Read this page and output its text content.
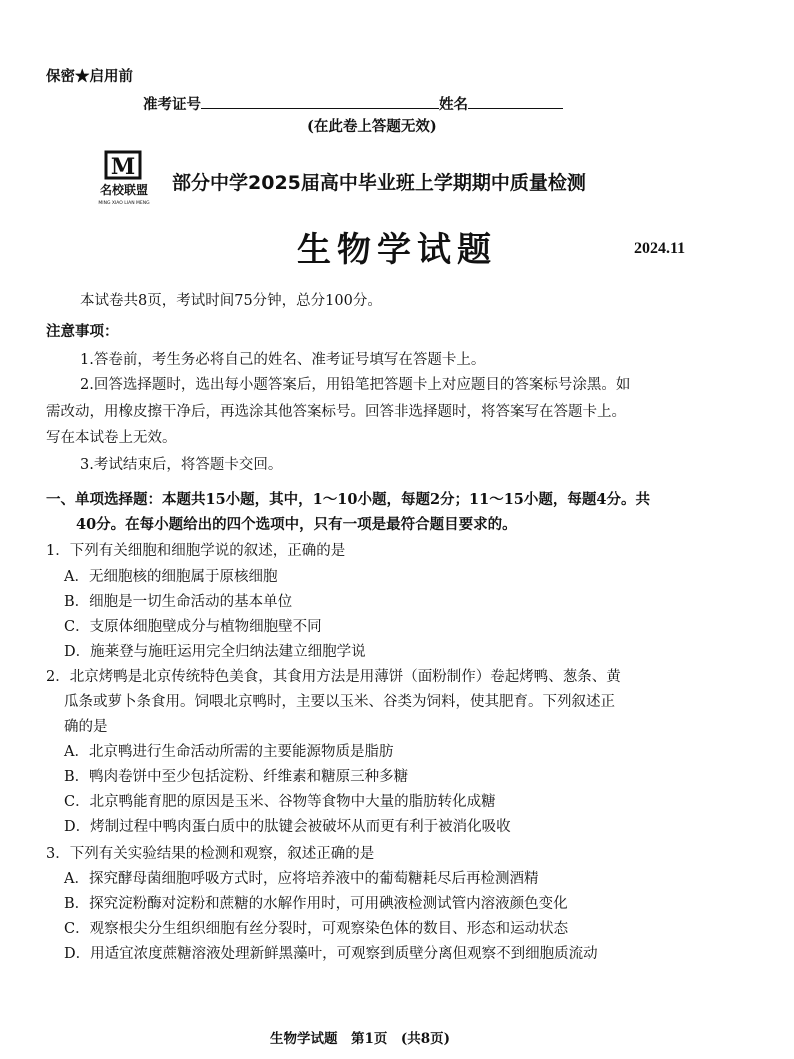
保密★启用前
准考证号	姓名
(在此卷上答题无效)
M
名校联盟
MING XIAO LIAN MENG
部分中学2025届高中毕业班上学期期中质量检测
生物学试题	2024.11
本试卷共8页，考试时间75分钟，总分100分。
注意事项：
1.答卷前，考生务必将自己的姓名、准考证号填写在答题卡上。
2.回答选择题时，选出每小题答案后，用铅笔把答题卡上对应题目的答案标号涂黑。如
需改动，用橡皮擦干净后，再选涂其他答案标号。回答非选择题时，将答案写在答题卡上。
写在本试卷上无效。
3.考试结束后，将答题卡交回。
一、单项选择题：本题共15小题，其中，1～10小题，每题2分；11～15小题，每题4分。共
40分。在每小题给出的四个选项中，只有一项是最符合题目要求的。
1．下列有关细胞和细胞学说的叙述，正确的是
A．无细胞核的细胞属于原核细胞
B．细胞是一切生命活动的基本单位
C．支原体细胞壁成分与植物细胞壁不同
D．施莱登与施旺运用完全归纳法建立细胞学说
2．北京烤鸭是北京传统特色美食，其食用方法是用薄饼（面粉制作）卷起烤鸭、葱条、黄
瓜条或萝卜条食用。饲喂北京鸭时，主要以玉米、谷类为饲料，使其肥育。下列叙述正
确的是
A．北京鸭进行生命活动所需的主要能源物质是脂肪
B．鸭肉卷饼中至少包括淀粉、纤维素和糖原三种多糖
C．北京鸭能育肥的原因是玉米、谷物等食物中大量的脂肪转化成糖
D．烤制过程中鸭肉蛋白质中的肽键会被破坏从而更有利于被消化吸收
3．下列有关实验结果的检测和观察，叙述正确的是
A．探究酵母菌细胞呼吸方式时，应将培养液中的葡萄糖耗尽后再检测酒精
B．探究淀粉酶对淀粉和蔗糖的水解作用时，可用碘液检测试管内溶液颜色变化
C．观察根尖分生组织细胞有丝分裂时，可观察染色体的数目、形态和运动状态
D．用适宜浓度蔗糖溶液处理新鲜黑藻叶，可观察到质壁分离但观察不到细胞质流动
生物学试题　第1页　(共8页)
